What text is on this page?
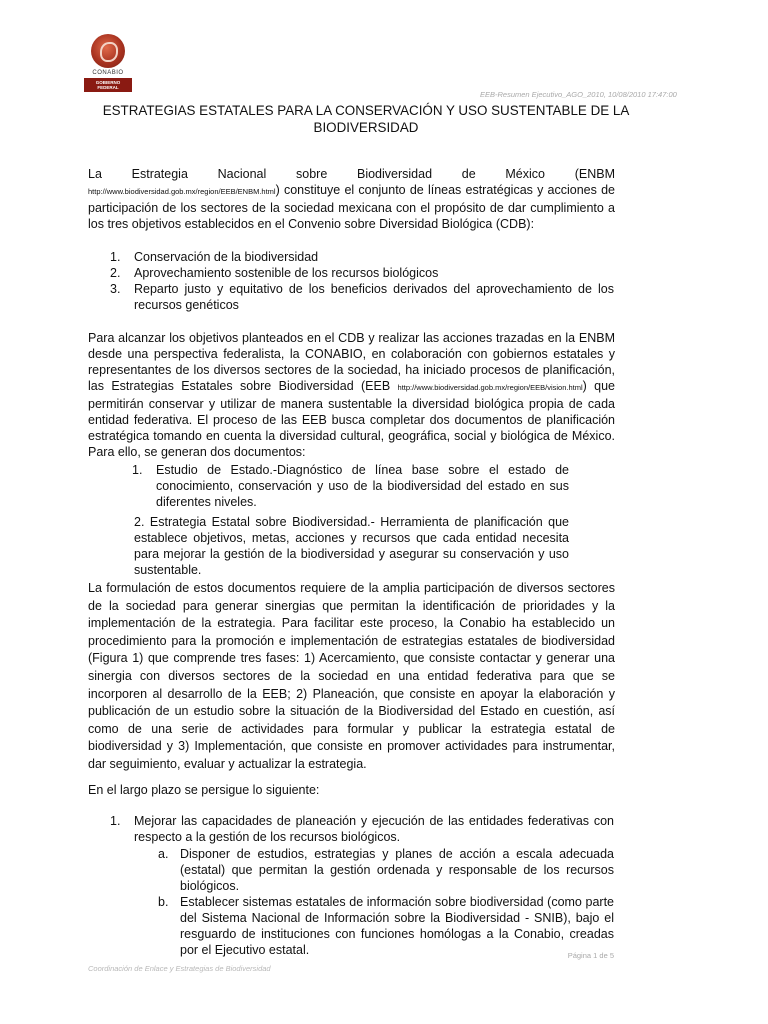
CONABIO
GOBIERNO
FEDERAL
EEB-Resumen Ejecutivo_AGO_2010, 10/08/2010 17:47:00
ESTRATEGIAS ESTATALES PARA LA CONSERVACIÓN Y USO SUSTENTABLE DE LA
BIODIVERSIDAD
La Estrategia Nacional sobre Biodiversidad de México (ENBM http://www.biodiversidad.gob.mx/region/EEB/ENBM.html) constituye el conjunto de líneas estratégicas y acciones de participación de los sectores de la sociedad mexicana con el propósito de dar cumplimiento a los tres objetivos establecidos en el Convenio sobre Diversidad Biológica (CDB):
1. Conservación de la biodiversidad
2. Aprovechamiento sostenible de los recursos biológicos
3. Reparto justo y equitativo de los beneficios derivados del aprovechamiento de los recursos genéticos
Para alcanzar los objetivos planteados en el CDB y realizar las acciones trazadas en la ENBM desde una perspectiva federalista, la CONABIO, en colaboración con gobiernos estatales y representantes de los diversos sectores de la sociedad, ha iniciado procesos de planificación, las Estrategias Estatales sobre Biodiversidad (EEB http://www.biodiversidad.gob.mx/region/EEB/vision.html) que permitirán conservar y utilizar de manera sustentable la diversidad biológica propia de cada entidad federativa. El proceso de las EEB busca completar dos documentos de planificación estratégica tomando en cuenta la diversidad cultural, geográfica, social y biológica de México. Para ello, se generan dos documentos:
1. Estudio de Estado.-Diagnóstico de línea base sobre el estado de conocimiento, conservación y uso de la biodiversidad del estado en sus diferentes niveles.
2. Estrategia Estatal sobre Biodiversidad.- Herramienta de planificación que establece objetivos, metas, acciones y recursos que cada entidad necesita para mejorar la gestión de la biodiversidad y asegurar su conservación y uso sustentable.
La formulación de estos documentos requiere de la amplia participación de diversos sectores de la sociedad para generar sinergias que permitan la identificación de prioridades y la implementación de la estrategia. Para facilitar este proceso, la Conabio ha establecido un procedimiento para la promoción e implementación de estrategias estatales de biodiversidad (Figura 1) que comprende tres fases: 1) Acercamiento, que consiste contactar y generar una sinergia con diversos sectores de la sociedad en una entidad federativa para que se incorporen al desarrollo de la EEB; 2) Planeación, que consiste en apoyar la elaboración y publicación de un estudio sobre la situación de la Biodiversidad del Estado en cuestión, así como de una serie de actividades para formular y publicar la estrategia estatal de biodiversidad y 3) Implementación, que consiste en promover actividades para instrumentar, dar seguimiento, evaluar y actualizar la estrategia.
En el largo plazo se persigue lo siguiente:
1. Mejorar las capacidades de planeación y ejecución de las entidades federativas con respecto a la gestión de los recursos biológicos.
a. Disponer de estudios, estrategias y planes de acción a escala adecuada (estatal) que permitan la gestión ordenada y responsable de los recursos biológicos.
b. Establecer sistemas estatales de información sobre biodiversidad (como parte del Sistema Nacional de Información sobre la Biodiversidad - SNIB), bajo el resguardo de instituciones con funciones homólogas a la Conabio, creadas por el Ejecutivo estatal.	Página 1 de 5
Coordinación de Enlace y Estrategias de Biodiversidad
